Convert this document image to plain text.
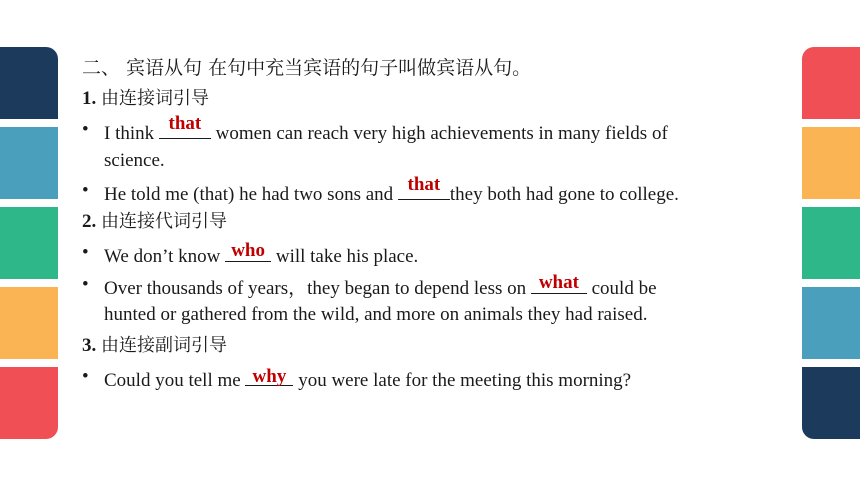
二、 宾语从句 在句中充当宾语的句子叫做宾语从句。
1. 由连接词引导
• I think that women can reach very high achievements in many fields of
science.
• He told me (that) he had two sons and that they both had gone to college.
2. 由连接代词引导
• We don’t know who will take his place.
• Over thousands of years，they began to depend less on what could be
hunted or gathered from the wild, and more on animals they had raised.
3. 由连接副词引导
• Could you tell me why you were late for the meeting this morning?
